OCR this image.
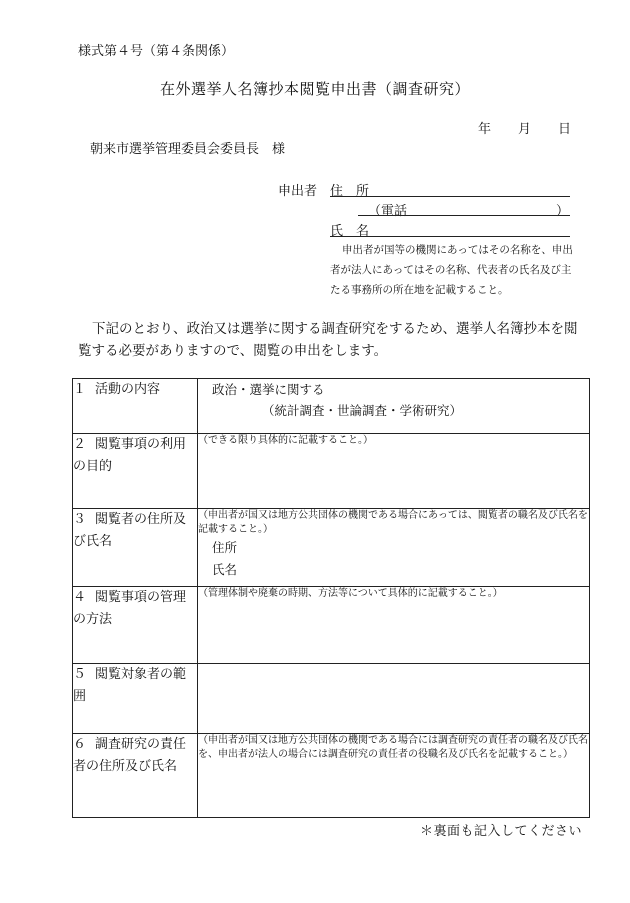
様式第４号（第４条関係）
在外選挙人名簿抄本閲覧申出書（調査研究）
年 月 日
朝来市選挙管理委員会委員長　様
申出者 住　所
（電話	）
氏　名
申出者が国等の機関にあってはその名称を、申出者が法人にあってはその名称、代表者の氏名及び主たる事務所の所在地を記載すること。
下記のとおり、政治又は選挙に関する調査研究をするため、選挙人名簿抄本を閲覧する必要がありますので、閲覧の申出をします。
１ 活動の内容	政治・選挙に関する
（統計調査・世論調査・学術研究）

２ 閲覧事項の利用の目的	（できる限り具体的に記載すること。）

３ 閲覧者の住所及び氏名	（申出者が国又は地方公共団体の機関である場合にあっては、閲覧者の職名及び氏名を記載すること。）
住所
氏名

４ 閲覧事項の管理の方法	（管理体制や廃棄の時期、方法等について具体的に記載すること。）

５ 閲覧対象者の範囲	
６ 調査研究の責任者の住所及び氏名	（申出者が国又は地方公共団体の機関である場合には調査研究の責任者の職名及び氏名を、申出者が法人の場合には調査研究の責任者の役職名及び氏名を記載すること。）
＊裏面も記入してください
